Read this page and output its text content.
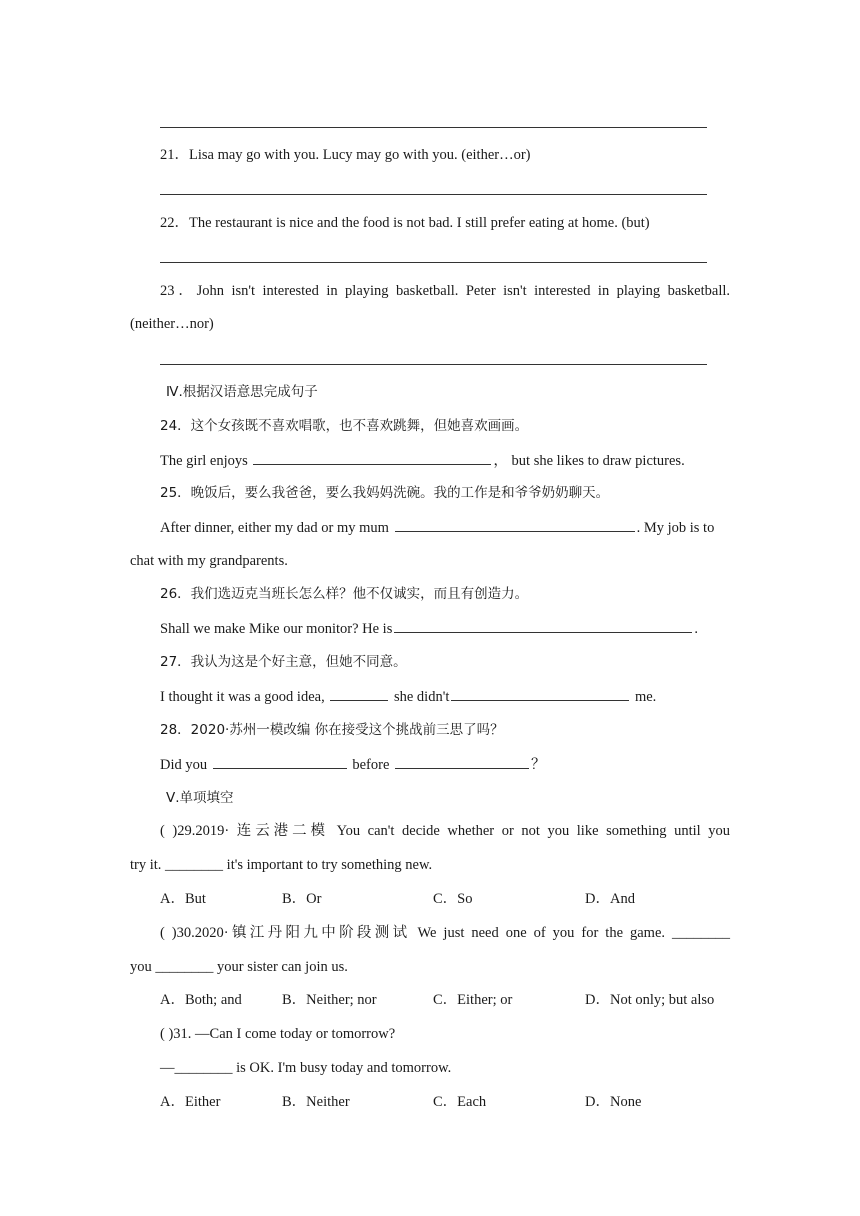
21．Lisa may go with you. Lucy may go with you. (either…or)
22．The restaurant is nice and the food is not bad. I still prefer eating at home. (but)
23．John isn't interested in playing basketball. Peter isn't interested in playing basketball.
(neither…nor)
Ⅳ.根据汉语意思完成句子
24．这个女孩既不喜欢唱歌，也不喜欢跳舞，但她喜欢画画。
The girl enjoys	， but she likes to draw pictures.
25．晚饭后，要么我爸爸，要么我妈妈洗碗。我的工作是和爷爷奶奶聊天。
After dinner, either my dad or my mum	. My job is to
chat with my grandparents.
26．我们选迈克当班长怎么样？他不仅诚实，而且有创造力。
Shall we make Mike our monitor? He is	.
27．我认为这是个好主意，但她不同意。
I thought it was a good idea,	she didn't	me.
28．2020·苏州一模改编 你在接受这个挑战前三思了吗？
Did you	before	？
Ⅴ.单项填空
( )29.2019· 连云港二模 You can't decide whether or not you like something until you
try it. ________ it's important to try something new.
A．But	B．Or	C．So	D．And
( )30.2020·镇江丹阳九中阶段测试 We just need one of you for the game. ________
you ________ your sister can join us.
A．Both; and	B．Neither; nor	C．Either; or	D．Not only; but also
( )31. —Can I come today or tomorrow?
—________ is OK. I'm busy today and tomorrow.
A．Either	B．Neither	C．Each	D．None
